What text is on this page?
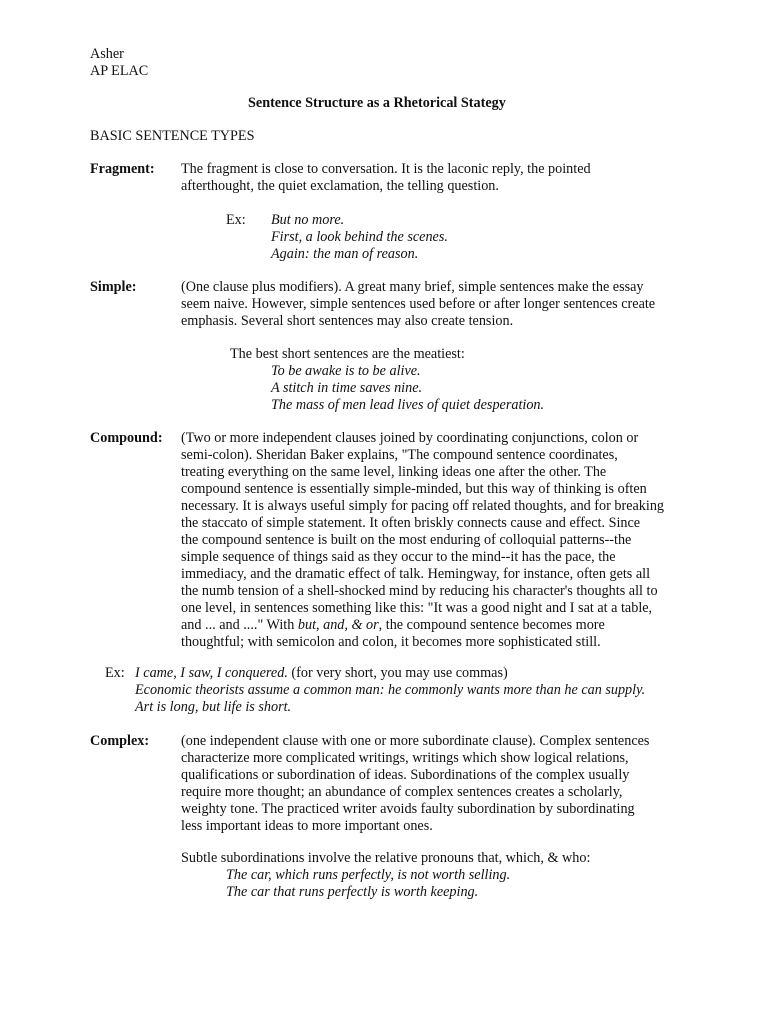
Asher
AP ELAC
Sentence Structure as a Rhetorical Stategy
BASIC SENTENCE TYPES
Fragment: The fragment is close to conversation. It is the laconic reply, the pointed
afterthought, the quiet exclamation, the telling question.
Ex: But no more.
First, a look behind the scenes.
Again: the man of reason.
Simple:	(One clause plus modifiers). A great many brief, simple sentences make the essay
seem naive. However, simple sentences used before or after longer sentences create
emphasis. Several short sentences may also create tension.
The best short sentences are the meatiest:
To be awake is to be alive.
A stitch in time saves nine.
The mass of men lead lives of quiet desperation.
Compound: (Two or more independent clauses joined by coordinating conjunctions, colon or
semi-colon). Sheridan Baker explains, "The compound sentence coordinates,
treating everything on the same level, linking ideas one after the other. The
compound sentence is essentially simple-minded, but this way of thinking is often
necessary. It is always useful simply for pacing off related thoughts, and for breaking
the staccato of simple statement. It often briskly connects cause and effect. Since
the compound sentence is built on the most enduring of colloquial patterns--the
simple sequence of things said as they occur to the mind--it has the pace, the
immediacy, and the dramatic effect of talk. Hemingway, for instance, often gets all
the numb tension of a shell-shocked mind by reducing his character's thoughts all to
one level, in sentences something like this: "It was a good night and I sat at a table,
and ... and ...." With but, and, & or, the compound sentence becomes more
thoughtful; with semicolon and colon, it becomes more sophisticated still.
Ex: I came, I saw, I conquered. (for very short, you may use commas)
Economic theorists assume a common man: he commonly wants more than he can supply.
Art is long, but life is short.
Complex: (one independent clause with one or more subordinate clause). Complex sentences
characterize more complicated writings, writings which show logical relations,
qualifications or subordination of ideas. Subordinations of the complex usually
require more thought; an abundance of complex sentences creates a scholarly,
weighty tone. The practiced writer avoids faulty subordination by subordinating
less important ideas to more important ones.
Subtle subordinations involve the relative pronouns that, which, & who:
The car, which runs perfectly, is not worth selling.
The car that runs perfectly is worth keeping.
